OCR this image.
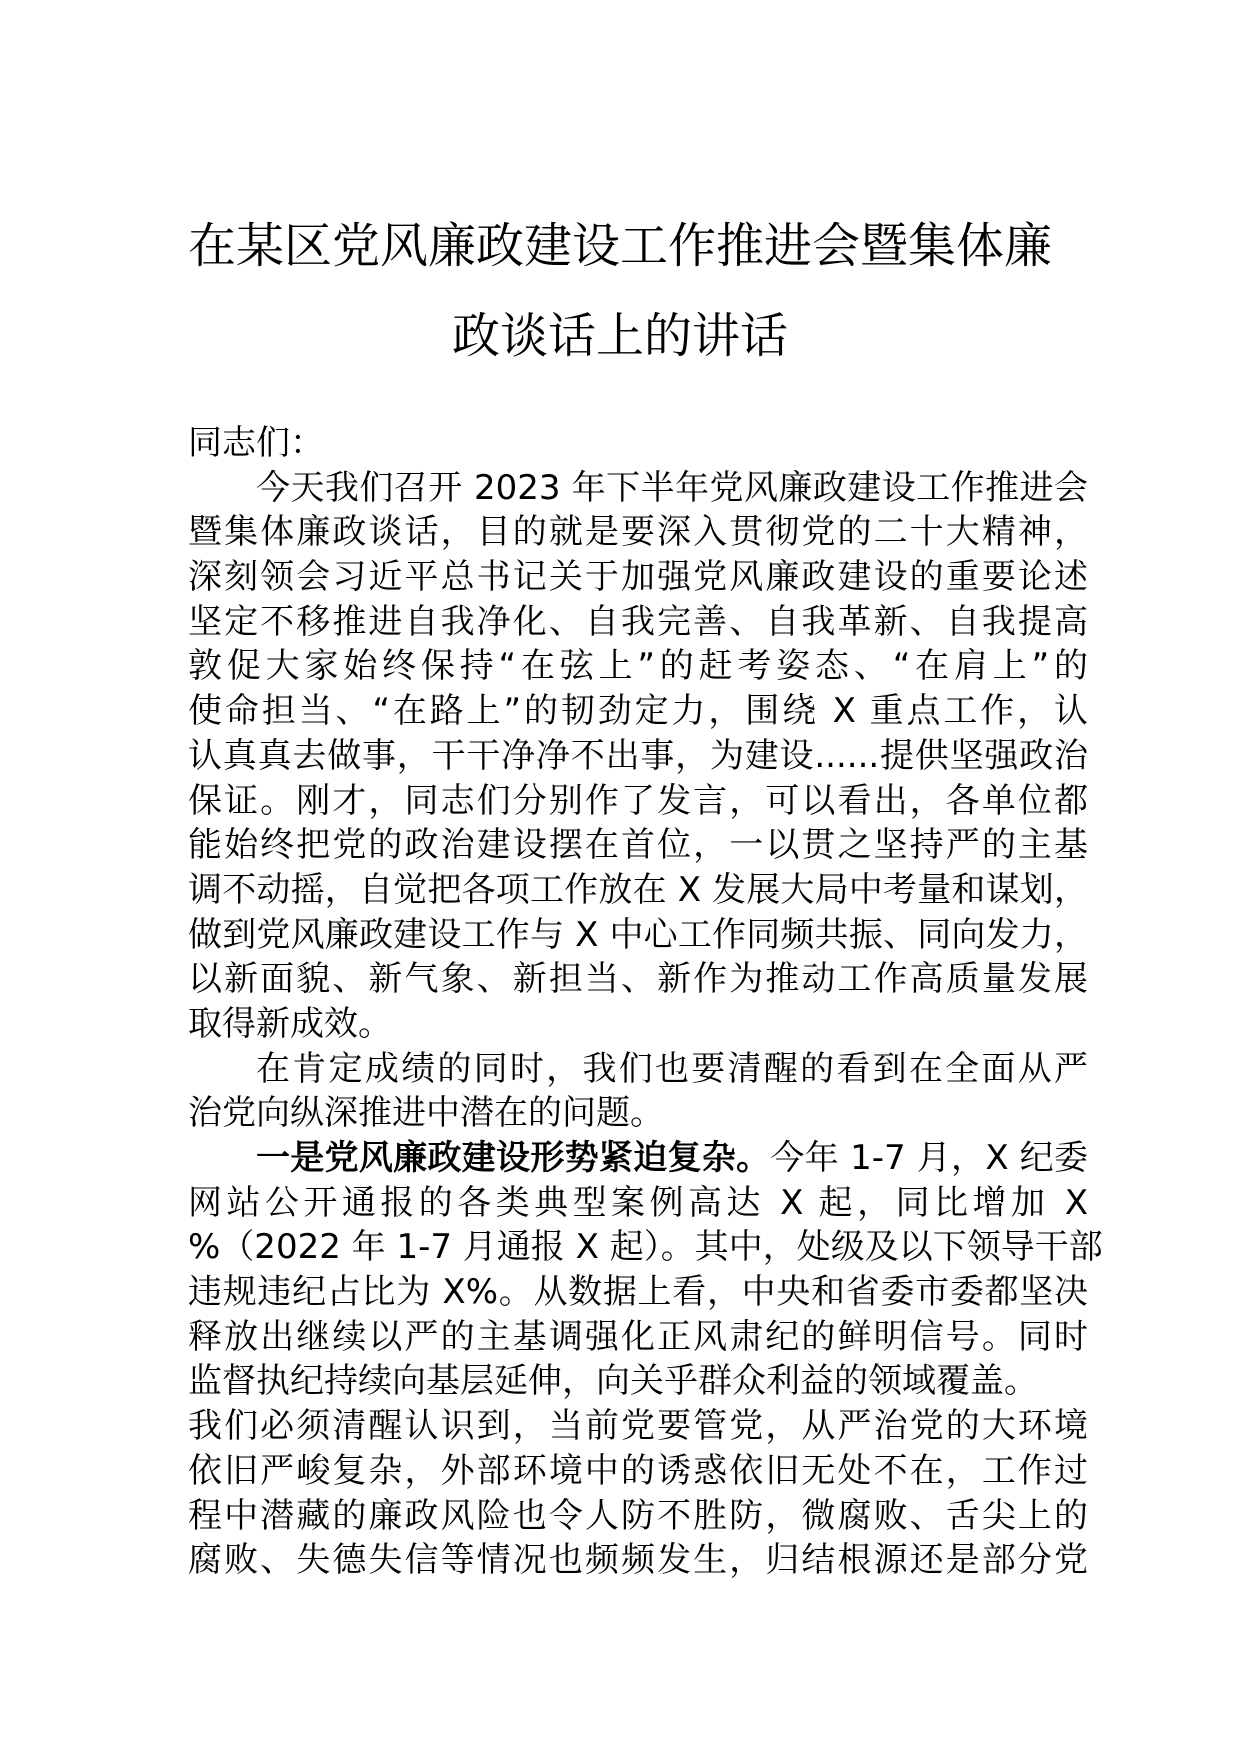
在某区党风廉政建设工作推进会暨集体廉
政谈话上的讲话
同志们：
今天我们召开 2023 年下半年党风廉政建设工作推进会
暨集体廉政谈话，目的就是要深入贯彻党的二十大精神，
深刻领会习近平总书记关于加强党风廉政建设的重要论述
坚定不移推进自我净化、自我完善、自我革新、自我提高
敦促大家始终保持“在弦上”的赶考姿态、“在肩上”的
使命担当、“在路上”的韧劲定力，围绕 X 重点工作，认
认真真去做事，干干净净不出事，为建设......提供坚强政治
保证。刚才，同志们分别作了发言，可以看出，各单位都
能始终把党的政治建设摆在首位，一以贯之坚持严的主基
调不动摇，自觉把各项工作放在 X 发展大局中考量和谋划，
做到党风廉政建设工作与 X 中心工作同频共振、同向发力，
以新面貌、新气象、新担当、新作为推动工作高质量发展
取得新成效。
在肯定成绩的同时，我们也要清醒的看到在全面从严
治党向纵深推进中潜在的问题。
一是党风廉政建设形势紧迫复杂。今年 1-7 月，X 纪委
网站公开通报的各类典型案例高达 X 起，同比增加 X
%（2022 年 1-7 月通报 X 起）。其中，处级及以下领导干部
违规违纪占比为 X%。从数据上看，中央和省委市委都坚决
释放出继续以严的主基调强化正风肃纪的鲜明信号。同时
监督执纪持续向基层延伸，向关乎群众利益的领域覆盖。
我们必须清醒认识到，当前党要管党，从严治党的大环境
依旧严峻复杂，外部环境中的诱惑依旧无处不在，工作过
程中潜藏的廉政风险也令人防不胜防，微腐败、舌尖上的
腐败、失德失信等情况也频频发生，归结根源还是部分党
